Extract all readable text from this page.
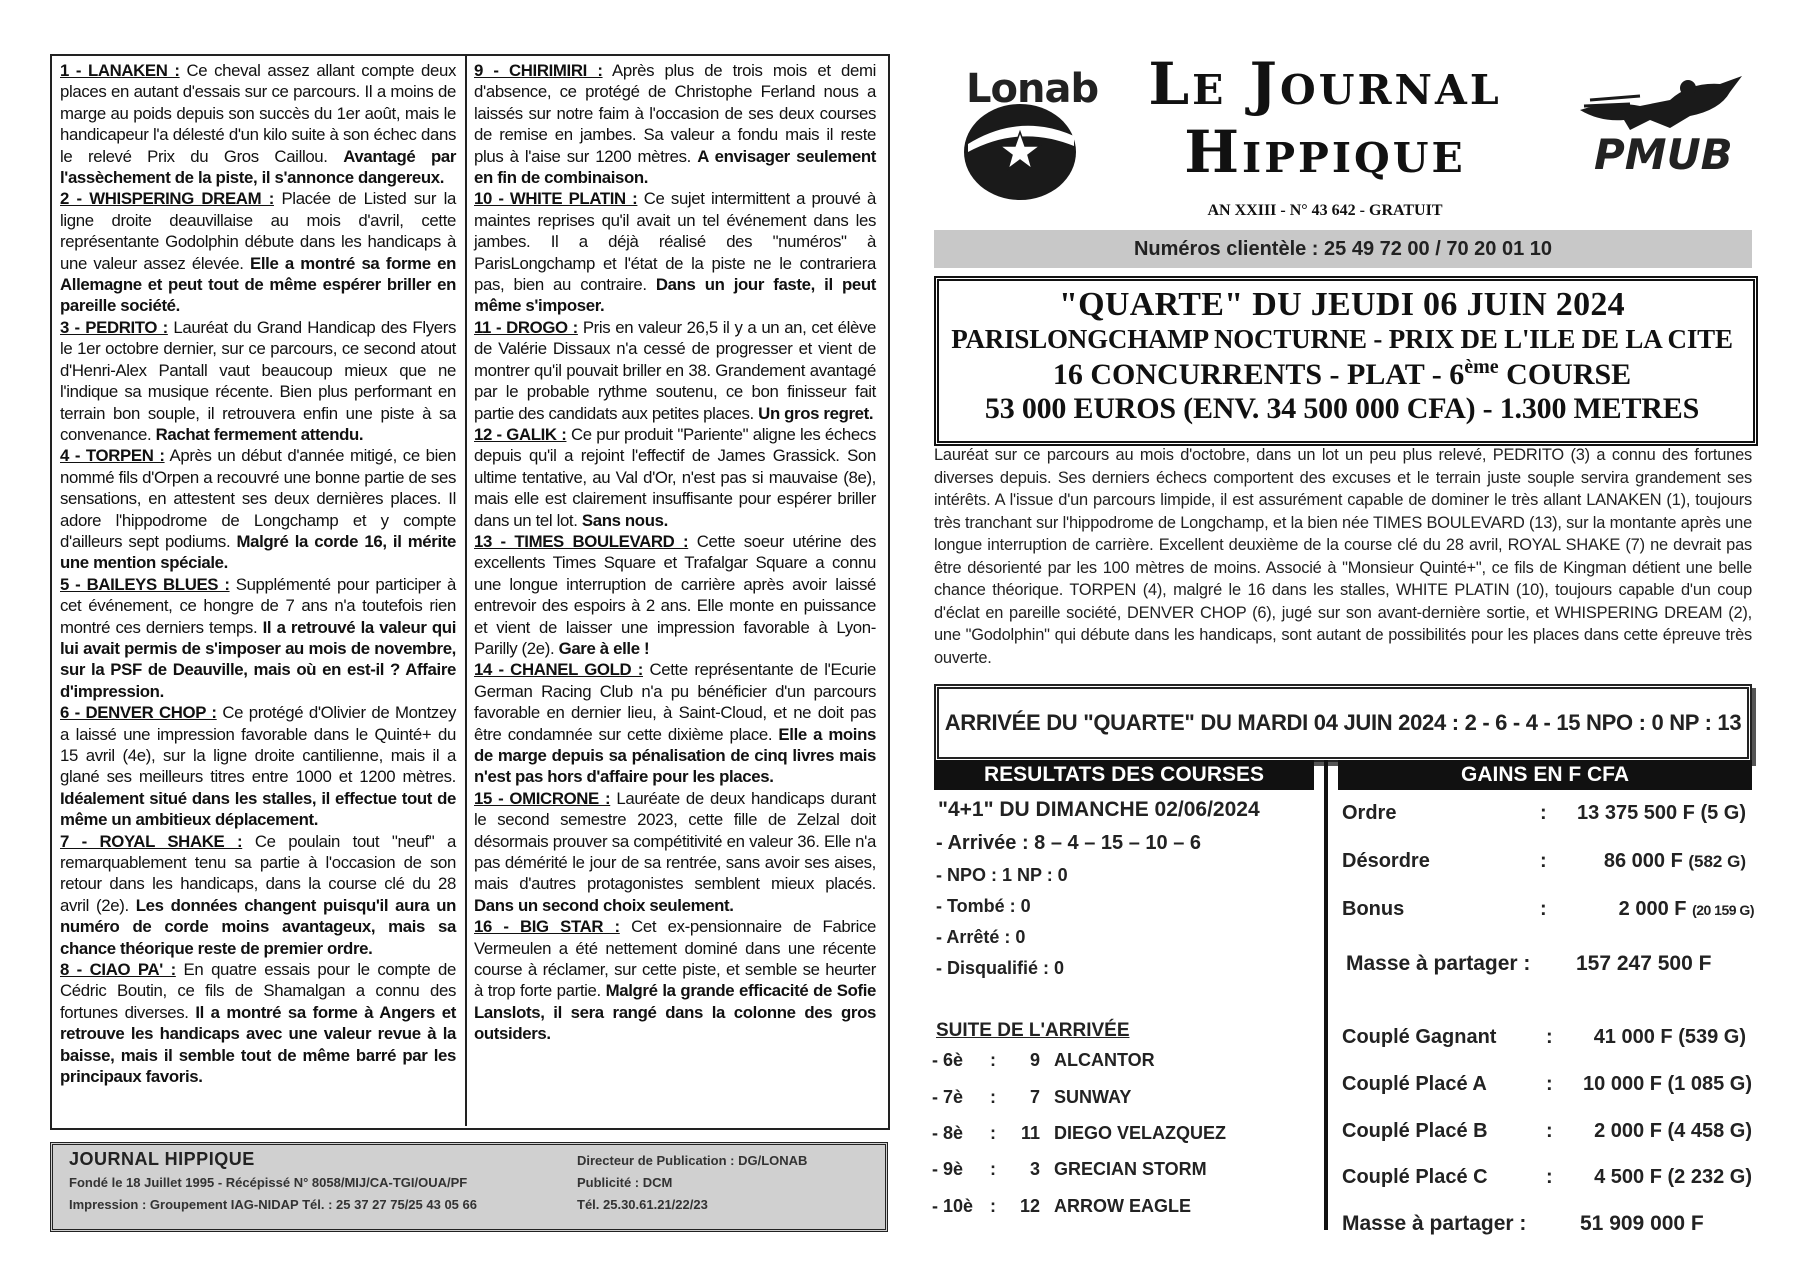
1 - LANAKEN : Ce cheval assez allant compte deux places en autant d'essais sur ce parcours. Il a moins de marge au poids depuis son succès du 1er août, mais le handicapeur l'a délesté d'un kilo suite à son échec dans le relevé Prix du Gros Caillou. Avantagé par l'assèchement de la piste, il s'annonce dangereux.

2 - WHISPERING DREAM : Placée de Listed sur la ligne droite deauvillaise au mois d'avril, cette représentante Godolphin débute dans les handicaps à une valeur assez élevée. Elle a montré sa forme en Allemagne et peut tout de même espérer briller en pareille société.

3 - PEDRITO : Lauréat du Grand Handicap des Flyers le 1er octobre dernier, sur ce parcours, ce second atout d'Henri-Alex Pantall vaut beaucoup mieux que ne l'indique sa musique récente. Bien plus performant en terrain bon souple, il retrouvera enfin une piste à sa convenance. Rachat fermement attendu.

4 - TORPEN : Après un début d'année mitigé, ce bien nommé fils d'Orpen a recouvré une bonne partie de ses sensations, en attestent ses deux dernières places. Il adore l'hippodrome de Longchamp et y compte d'ailleurs sept podiums. Malgré la corde 16, il mérite une mention spéciale.

5 - BAILEYS BLUES : Supplémenté pour participer à cet événement, ce hongre de 7 ans n'a toutefois rien montré ces derniers temps. Il a retrouvé la valeur qui lui avait permis de s'imposer au mois de novembre, sur la PSF de Deauville, mais où en est-il ? Affaire d'impression.

6 - DENVER CHOP : Ce protégé d'Olivier de Montzey a laissé une impression favorable dans le Quinté+ du 15 avril (4e), sur la ligne droite cantilienne, mais il a glané ses meilleurs titres entre 1000 et 1200 mètres. Idéalement situé dans les stalles, il effectue tout de même un ambitieux déplacement.

7 - ROYAL SHAKE : Ce poulain tout "neuf" a remarquablement tenu sa partie à l'occasion de son retour dans les handicaps, dans la course clé du 28 avril (2e). Les données changent puisqu'il aura un numéro de corde moins avantageux, mais sa chance théorique reste de premier ordre.

8 - CIAO PA' : En quatre essais pour le compte de Cédric Boutin, ce fils de Shamalgan a connu des fortunes diverses. Il a montré sa forme à Angers et retrouve les handicaps avec une valeur revue à la baisse, mais il semble tout de même barré par les principaux favoris.

9 - CHIRIMIRI : Après plus de trois mois et demi d'absence, ce protégé de Christophe Ferland nous a laissés sur notre faim à l'occasion de ses deux courses de remise en jambes. Sa valeur a fondu mais il reste plus à l'aise sur 1200 mètres. A envisager seulement en fin de combinaison.

10 - WHITE PLATIN : Ce sujet intermittent a prouvé à maintes reprises qu'il avait un tel événement dans les jambes. Il a déjà réalisé des "numéros" à ParisLongchamp et l'état de la piste ne le contrariera pas, bien au contraire. Dans un jour faste, il peut même s'imposer.

11 - DROGO : Pris en valeur 26,5 il y a un an, cet élève de Valérie Dissaux n'a cessé de progresser et vient de montrer qu'il pouvait briller en 38. Grandement avantagé par le probable rythme soutenu, ce bon finisseur fait partie des candidats aux petites places. Un gros regret.

12 - GALIK : Ce pur produit "Pariente" aligne les échecs depuis qu'il a rejoint l'effectif de James Grassick. Son ultime tentative, au Val d'Or, n'est pas si mauvaise (8e), mais elle est clairement insuffisante pour espérer briller dans un tel lot. Sans nous.

13 - TIMES BOULEVARD : Cette soeur utérine des excellents Times Square et Trafalgar Square a connu une longue interruption de carrière après avoir laissé entrevoir des espoirs à 2 ans. Elle monte en puissance et vient de laisser une impression favorable à Lyon-Parilly (2e). Gare à elle !

14 - CHANEL GOLD : Cette représentante de l'Ecurie German Racing Club n'a pu bénéficier d'un parcours favorable en dernier lieu, à Saint-Cloud, et ne doit pas être condamnée sur cette dixième place. Elle a moins de marge depuis sa pénalisation de cinq livres mais n'est pas hors d'affaire pour les places.

15 - OMICRONE : Lauréate de deux handicaps durant le second semestre 2023, cette fille de Zelzal doit désormais prouver sa compétitivité en valeur 36. Elle n'a pas démérité le jour de sa rentrée, sans avoir ses aises, mais d'autres protagonistes semblent mieux placés. Dans un second choix seulement.

16 - BIG STAR : Cet ex-pensionnaire de Fabrice Vermeulen a été nettement dominé dans une récente course à réclamer, sur cette piste, et semble se heurter à trop forte partie. Malgré la grande efficacité de Sofie Lanslots, il sera rangé dans la colonne des gros outsiders.

JOURNAL HIPPIQUE
Fondé le 18 Juillet 1995 - Récépissé N° 8058/MIJ/CA-TGI/OUA/PF
Impression : Groupement IAG-NIDAP Tél. : 25 37 27 75/25 43 05 66
Directeur de Publication : DG/LONAB
Publicité : DCM
Tél. 25.30.61.21/22/23
Lonab Le Journal
Hippique
AN XXIII - N° 43 642 - GRATUIT
PMUB
Numéros clientèle : 25 49 72 00 / 70 20 01 10
"QUARTE" DU JEUDI 06 JUIN 2024
PARISLONGCHAMP NOCTURNE - PRIX DE L'ILE DE LA CITE
16 CONCURRENTS - PLAT - 6ème COURSE
53 000 EUROS (ENV. 34 500 000 CFA) - 1.300 METRES
Lauréat sur ce parcours au mois d'octobre, dans un lot un peu plus relevé, PEDRITO (3) a connu des fortunes diverses depuis. Ses derniers échecs comportent des excuses et le terrain juste souple servira grandement ses intérêts. A l'issue d'un parcours limpide, il est assurément capable de dominer le très allant LANAKEN (1), toujours très tranchant sur l'hippodrome de Longchamp, et la bien née TIMES BOULEVARD (13), sur la montante après une longue interruption de carrière. Excellent deuxième de la course clé du 28 avril, ROYAL SHAKE (7) ne devrait pas être désorienté par les 100 mètres de moins. Associé à "Monsieur Quinté+", ce fils de Kingman détient une belle chance théorique. TORPEN (4), malgré le 16 dans les stalles, WHITE PLATIN (10), toujours capable d'un coup d'éclat en pareille société, DENVER CHOP (6), jugé sur son avant-dernière sortie, et WHISPERING DREAM (2), une "Godolphin" qui débute dans les handicaps, sont autant de possibilités pour les places dans cette épreuve très ouverte.
ARRIVÉE DU "QUARTE" DU MARDI 04 JUIN 2024 : 2 - 6 - 4 - 15 NPO : 0 NP : 13
RESULTATS DES COURSES	GAINS EN F CFA
"4+1" DU DIMANCHE 02/06/2024
- Arrivée : 8 – 4 – 15 – 10 – 6
- NPO : 1 NP : 0
- Tombé : 0
- Arrêté : 0
- Disqualifié : 0
SUITE DE L'ARRIVÉE
- 6è :	9 ALCANTOR
- 7è :	7 SUNWAY
- 8è :	11 DIEGO VELAZQUEZ
- 9è :	3 GRECIAN STORM
- 10è :	12 ARROW EAGLE
Ordre	:	13 375 500 F (5 G)
Désordre	:	86 000 F (582 G)
Bonus	:	2 000 F (20 159 G)
Masse à partager : 157 247 500 F
Couplé Gagnant :	41 000 F (539 G)
Couplé Placé A	:	10 000 F (1 085 G)
Couplé Placé B	:	2 000 F (4 458 G)
Couplé Placé C	:	4 500 F (2 232 G)
Masse à partager :	51 909 000 F
